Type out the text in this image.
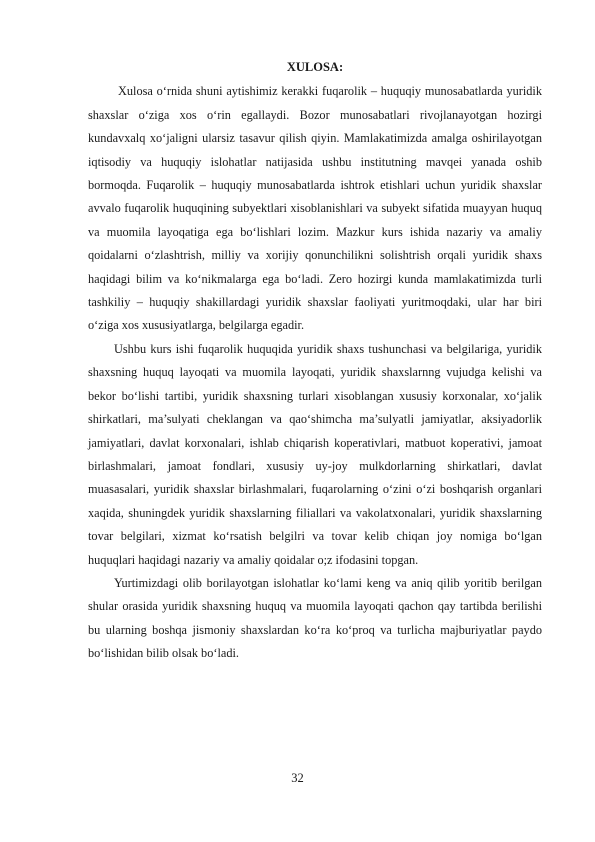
XULOSA:

Xulosa o‘rnida shuni aytishimiz kerakki fuqarolik – huquqiy munosabatlarda yuridik shaxslar o‘ziga xos o‘rin egallaydi. Bozor munosabatlari rivojlanayotgan hozirgi kundavxalq xo‘jaligni ularsiz tasavur qilish qiyin. Mamlakatimizda amalga oshirilayotgan iqtisodiy va huquqiy islohatlar natijasida ushbu institutning mavqei yanada oshib bormoqda. Fuqarolik – huquqiy munosabatlarda ishtrok etishlari uchun yuridik shaxslar avvalo fuqarolik huquqining subyektlari xisoblanishlari va subyekt sifatida muayyan huquq va muomila layoqatiga ega bo‘lishlari lozim. Mazkur kurs ishida nazariy va amaliy qoidalarni o‘zlashtrish, milliy va xorijiy qonunchilikni solishtrish orqali yuridik shaxs haqidagi bilim va ko‘nikmalarga ega bo‘ladi. Zero hozirgi kunda mamlakatimizda turli tashkiliy – huquqiy shakillardagi yuridik shaxslar faoliyati yuritmoqdaki, ular har biri o‘ziga xos xususiyatlarga, belgilarga egadir.

Ushbu kurs ishi fuqarolik huquqida yuridik shaxs tushunchasi va belgilariga, yuridik shaxsning huquq layoqati va muomila layoqati, yuridik shaxslarnng vujudga kelishi va bekor bo‘lishi tartibi, yuridik shaxsning turlari xisoblangan xususiy korxonalar, xo‘jalik shirkatlari, ma’sulyati cheklangan va qao‘shimcha ma’sulyatli jamiyatlar, aksiyadorlik jamiyatlari, davlat korxonalari, ishlab chiqarish koperativlari, matbuot koperativi, jamoat birlashmalari, jamoat fondlari, xususiy uy-joy mulkdorlarning shirkatlari, davlat muasasalari, yuridik shaxslar birlashmalari, fuqarolarning o‘zini o‘zi boshqarish organlari xaqida, shuningdek yuridik shaxslarning filiallari va vakolatxonalari, yuridik shaxslarning tovar belgilari, xizmat ko‘rsatish belgilri va tovar kelib chiqan joy nomiga bo‘lgan huquqlari haqidagi nazariy va amaliy qoidalar o;z ifodasini topgan.

Yurtimizdagi olib borilayotgan islohatlar ko‘lami keng va aniq qilib yoritib berilgan shular orasida yuridik shaxsning huquq va muomila layoqati qachon qay tartibda berilishi bu ularning boshqa jismoniy shaxslardan ko‘ra ko‘proq va turlicha majburiyatlar paydo bo‘lishidan bilib olsak bo‘ladi.

32
